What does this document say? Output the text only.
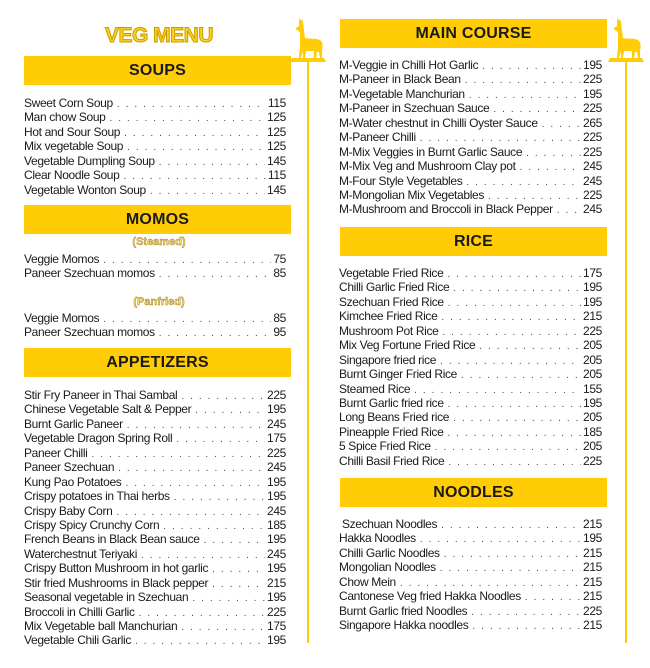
VEG MENU
SOUPS
Sweet Corn Soup . . .	115
Man chow Soup . . .	125
Hot and Sour Soup . . .	125
Mix vegetable Soup . . .	125
Vegetable Dumpling Soup . . .	145
Clear Noodle Soup . . .	115
Vegetable Wonton Soup . . .	145
MOMOS
(Steamed)
Veggie Momos . . .	75
Paneer Szechuan momos . . .	85
(Panfried)
Veggie Momos . . .	85
Paneer Szechuan momos . . .	95
APPETIZERS
Stir Fry Paneer in Thai Sambal . . .	225
Chinese Vegetable Salt & Pepper . . .	195
Burnt Garlic Paneer . . .	245
Vegetable Dragon Spring Roll . . .	175
Paneer Chilli . . .	225
Paneer Szechuan . . .	245
Kung Pao Potatoes . . .	195
Crispy potatoes in Thai herbs . . .	195
Crispy Baby Corn . . .	245
Crispy Spicy Crunchy Corn . . .	185
French Beans in Black Bean sauce . . .	195
Waterchestnut Teriyaki . . .	245
Crispy Button Mushroom in hot garlic . . .	195
Stir fried Mushrooms in Black pepper . . .	215
Seasonal vegetable in Szechuan . . .	195
Broccoli in Chilli Garlic . . .	225
Mix Vegetable ball Manchurian . . .	175
Vegetable Chili Garlic . . .	195
MAIN COURSE
M-Veggie in Chilli Hot Garlic . . .	195
M-Paneer in Black Bean . . .	225
M-Vegetable Manchurian . . .	195
M-Paneer in Szechuan Sauce . . .	225
M-Water chestnut in Chilli Oyster Sauce . . .	265
M-Paneer Chilli . . .	225
M-Mix Veggies in Burnt Garlic Sauce . . .	225
M-Mix Veg and Mushroom Clay pot . . .	245
M-Four Style Vegetables . . .	245
M-Mongolian Mix Vegetables . . .	225
M-Mushroom and Broccoli in Black Pepper . . .	245
RICE
Vegetable Fried Rice . . .	175
Chilli Garlic Fried Rice . . .	195
Szechuan Fried Rice . . .	195
Kimchee Fried Rice . . .	215
Mushroom Pot Rice . . .	225
Mix Veg Fortune Fried Rice . . .	205
Singapore fried rice . . .	205
Burnt Ginger Fried Rice . . .	205
Steamed Rice . . .	155
Burnt Garlic fried rice . . .	195
Long Beans Fried rice . . .	205
Pineapple Fried Rice . . .	185
5 Spice Fried Rice . . .	205
Chilli Basil Fried Rice . . .	225
NOODLES
Szechuan Noodles . . .	215
Hakka Noodles . . .	195
Chilli Garlic Noodles . . .	215
Mongolian Noodles . . .	215
Chow Mein . . .	215
Cantonese Veg fried Hakka Noodles . . .	215
Burnt Garlic fried Noodles . . .	225
Singapore Hakka noodles . . .	215
